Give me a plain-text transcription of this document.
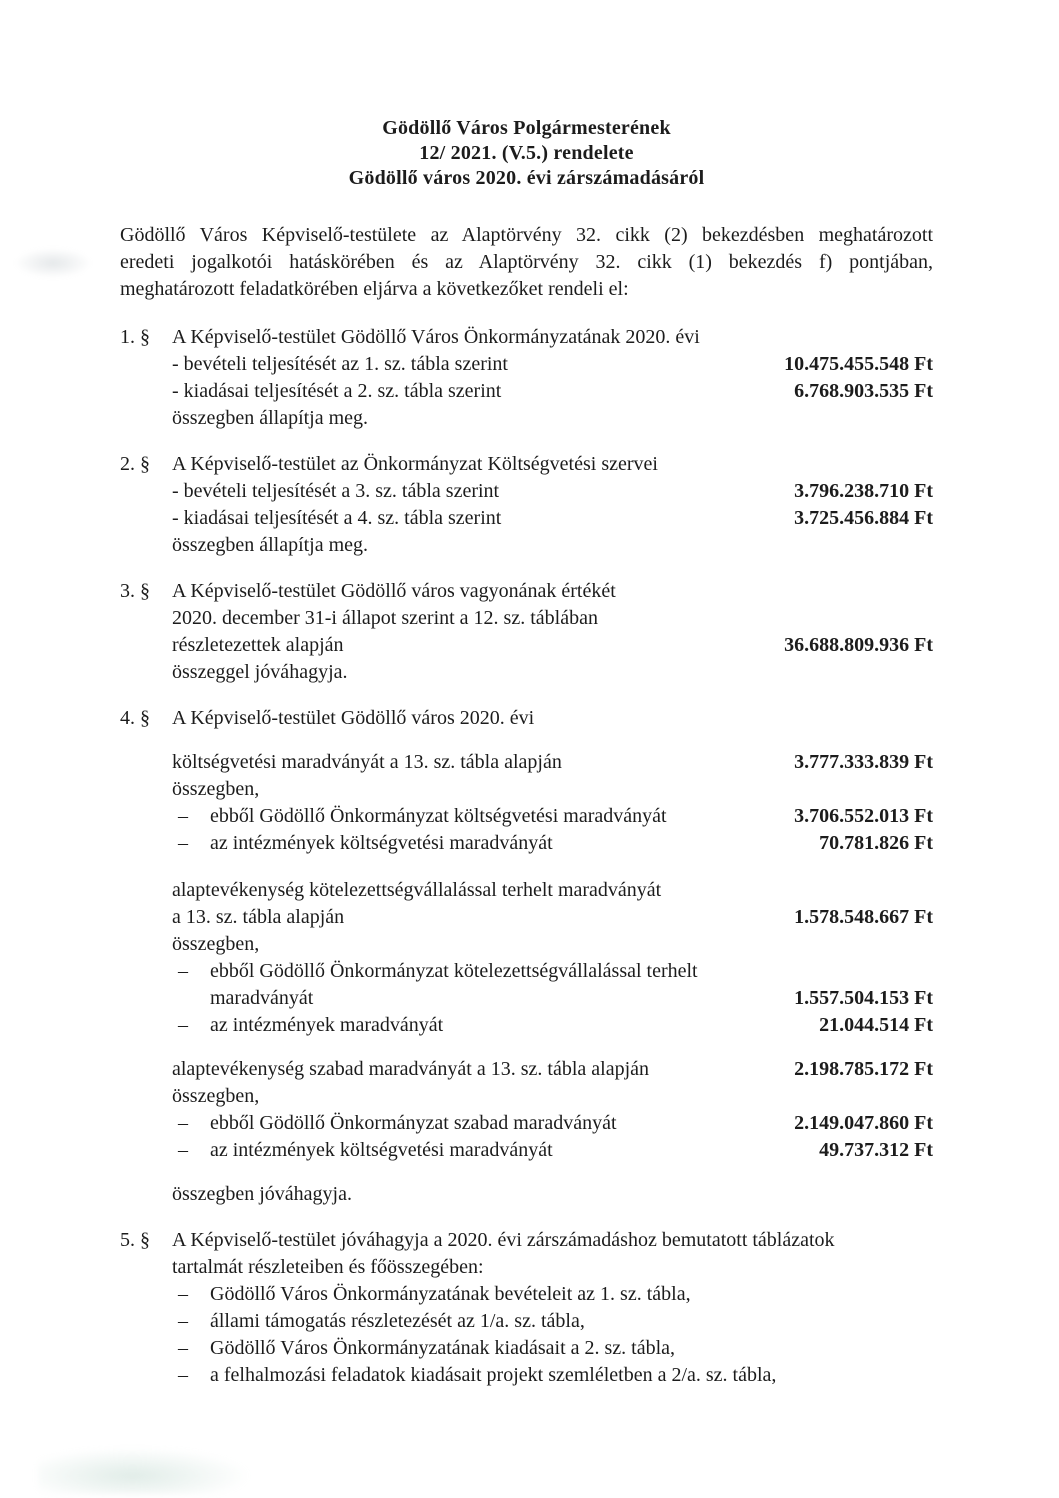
Gödöllő Város Polgármesterének
12/ 2021. (V.5.) rendelete
Gödöllő város 2020. évi zárszámadásáról
Gödöllő Város Képviselő-testülete az Alaptörvény 32. cikk (2) bekezdésben meghatározott
eredeti jogalkotói hatáskörében és az Alaptörvény 32. cikk (1) bekezdés f) pontjában,
meghatározott feladatkörében eljárva a következőket rendeli el:
1. §	A Képviselő-testület Gödöllő Város Önkormányzatának 2020. évi
- bevételi teljesítését az 1. sz. tábla szerint	10.475.455.548 Ft
- kiadásai teljesítését a 2. sz. tábla szerint	6.768.903.535 Ft
összegben állapítja meg.
2. §	A Képviselő-testület az Önkormányzat Költségvetési szervei
- bevételi teljesítését a 3. sz. tábla szerint	3.796.238.710 Ft
- kiadásai teljesítését a 4. sz. tábla szerint	3.725.456.884 Ft
összegben állapítja meg.
3. §	A Képviselő-testület Gödöllő város vagyonának értékét
2020. december 31-i állapot szerint a 12. sz. táblában
részletezettek alapján	36.688.809.936 Ft
összeggel jóváhagyja.
4. §	A Képviselő-testület Gödöllő város 2020. évi
költségvetési maradványát a 13. sz. tábla alapján	3.777.333.839 Ft
összegben,
–	ebből Gödöllő Önkormányzat költségvetési maradványát	3.706.552.013 Ft
–	az intézmények költségvetési maradványát	70.781.826 Ft
alaptevékenység kötelezettségvállalással terhelt maradványát
a 13. sz. tábla alapján	1.578.548.667 Ft
összegben,
–	ebből Gödöllő Önkormányzat kötelezettségvállalással terhelt
maradványát	1.557.504.153 Ft
–	az intézmények maradványát	21.044.514 Ft
alaptevékenység szabad maradványát a 13. sz. tábla alapján	2.198.785.172 Ft
összegben,
–	ebből Gödöllő Önkormányzat szabad maradványát	2.149.047.860 Ft
–	az intézmények költségvetési maradványát	49.737.312 Ft
összegben jóváhagyja.
5. §	A Képviselő-testület jóváhagyja a 2020. évi zárszámadáshoz bemutatott táblázatok
tartalmát részleteiben és főösszegében:
–	Gödöllő Város Önkormányzatának bevételeit az 1. sz. tábla,
–	állami támogatás részletezését az 1/a. sz. tábla,
–	Gödöllő Város Önkormányzatának kiadásait a 2. sz. tábla,
–	a felhalmozási feladatok kiadásait projekt szemléletben a 2/a. sz. tábla,
